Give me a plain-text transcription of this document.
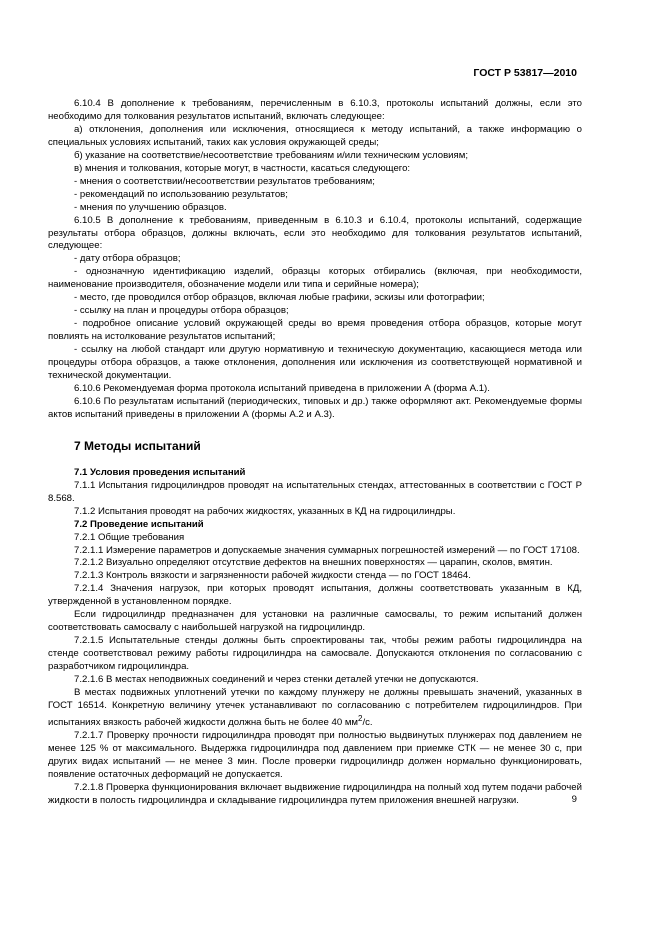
ГОСТ Р 53817—2010

6.10.4 В дополнение к требованиям, перечисленным в 6.10.3, протоколы испытаний должны, если это необходимо для толкования результатов испытаний, включать следующее:

а) отклонения, дополнения или исключения, относящиеся к методу испытаний, а также информацию о специальных условиях испытаний, таких как условия окружающей среды;

б) указание на соответствие/несоответствие требованиям и/или техническим условиям;

в) мнения и толкования, которые могут, в частности, касаться следующего:

- мнения о соответствии/несоответствии результатов требованиям;

- рекомендаций по использованию результатов;

- мнения по улучшению образцов.

6.10.5 В дополнение к требованиям, приведенным в 6.10.3 и 6.10.4, протоколы испытаний, содержащие результаты отбора образцов, должны включать, если это необходимо для толкования результатов испытаний, следующее:

- дату отбора образцов;

- однозначную идентификацию изделий, образцы которых отбирались (включая, при необходимости, наименование производителя, обозначение модели или типа и серийные номера);

- место, где проводился отбор образцов, включая любые графики, эскизы или фотографии;

- ссылку на план и процедуры отбора образцов;

- подробное описание условий окружающей среды во время проведения отбора образцов, которые могут повлиять на истолкование результатов испытаний;

- ссылку на любой стандарт или другую нормативную и техническую документацию, касающиеся метода или процедуры отбора образцов, а также отклонения, дополнения или исключения из соответствующей нормативной и технической документации.

6.10.6 Рекомендуемая форма протокола испытаний приведена в приложении А (форма А.1).

6.10.6 По результатам испытаний (периодических, типовых и др.) также оформляют акт. Рекомендуемые формы актов испытаний приведены в приложении А (формы А.2 и А.3).

7 Методы испытаний

7.1 Условия проведения испытаний

7.1.1 Испытания гидроцилиндров проводят на испытательных стендах, аттестованных в соответствии с ГОСТ Р 8.568.

7.1.2 Испытания проводят на рабочих жидкостях, указанных в КД на гидроцилиндры.

7.2 Проведение испытаний

7.2.1 Общие требования

7.2.1.1 Измерение параметров и допускаемые значения суммарных погрешностей измерений — по ГОСТ 17108.

7.2.1.2 Визуально определяют отсутствие дефектов на внешних поверхностях — царапин, сколов, вмятин.

7.2.1.3 Контроль вязкости и загрязненности рабочей жидкости стенда — по ГОСТ 18464.

7.2.1.4 Значения нагрузок, при которых проводят испытания, должны соответствовать указанным в КД, утвержденной в установленном порядке.

Если гидроцилиндр предназначен для установки на различные самосвалы, то режим испытаний должен соответствовать самосвалу с наибольшей нагрузкой на гидроцилиндр.

7.2.1.5 Испытательные стенды должны быть спроектированы так, чтобы режим работы гидроцилиндра на стенде соответствовал режиму работы гидроцилиндра на самосвале. Допускаются отклонения по согласованию с разработчиком гидроцилиндра.

7.2.1.6 В местах неподвижных соединений и через стенки деталей утечки не допускаются.

В местах подвижных уплотнений утечки по каждому плунжеру не должны превышать значений, указанных в ГОСТ 16514. Конкретную величину утечек устанавливают по согласованию с потребителем гидроцилиндров. При испытаниях вязкость рабочей жидкости должна быть не более 40 $мм^2/с$.

7.2.1.7 Проверку прочности гидроцилиндра проводят при полностью выдвинутых плунжерах под давлением не менее 125 % от максимального. Выдержка гидроцилиндра под давлением при приемке СТК — не менее 30 с, при других видах испытаний — не менее 3 мин. После проверки гидроцилиндр должен нормально функционировать, появление остаточных деформаций не допускается.

7.2.1.8 Проверка функционирования включает выдвижение гидроцилиндра на полный ход путем подачи рабочей жидкости в полость гидроцилиндра и складывание гидроцилиндра путем приложения внешней нагрузки.	9
